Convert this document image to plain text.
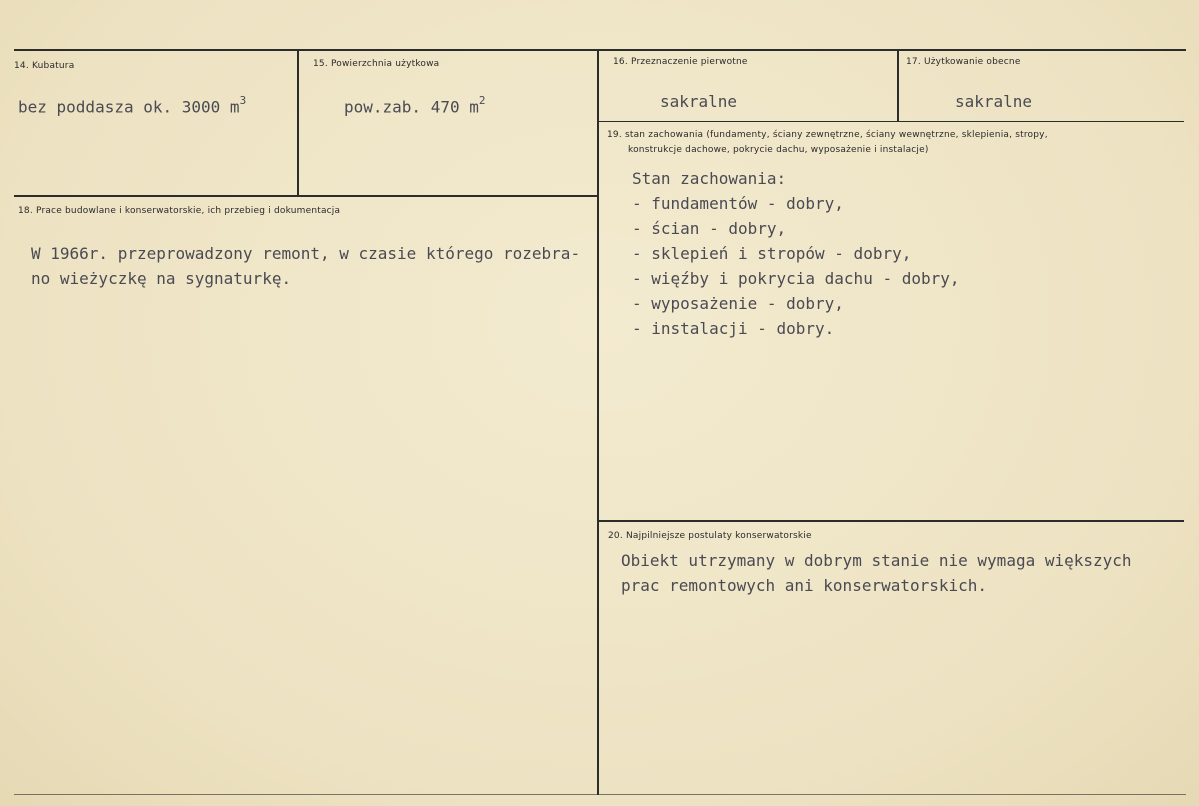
14. Kubatura
bez poddasza ok. 3000 $m^3$
15. Powierzchnia użytkowa
pow.zab. 470 $m^2$
16. Przeznaczenie pierwotne
sakralne
17. Użytkowanie obecne
sakralne
18. Prace budowlane i konserwatorskie, ich przebieg i dokumentacja
W 1966r. przeprowadzony remont, w czasie którego rozebra-
no wieżyczkę na sygnaturkę.
19. stan zachowania (fundamenty, ściany zewnętrzne, ściany wewnętrzne, sklepienia, stropy,
konstrukcje dachowe, pokrycie dachu, wyposażenie i instalacje)
Stan zachowania:
- fundamentów - dobry,
- ścian - dobry,
- sklepień i stropów - dobry,
- więźby i pokrycia dachu - dobry,
- wyposażenie - dobry,
- instalacji - dobry.
20. Najpilniejsze postulaty konserwatorskie
Obiekt utrzymany w dobrym stanie nie wymaga większych
prac remontowych ani konserwatorskich.
